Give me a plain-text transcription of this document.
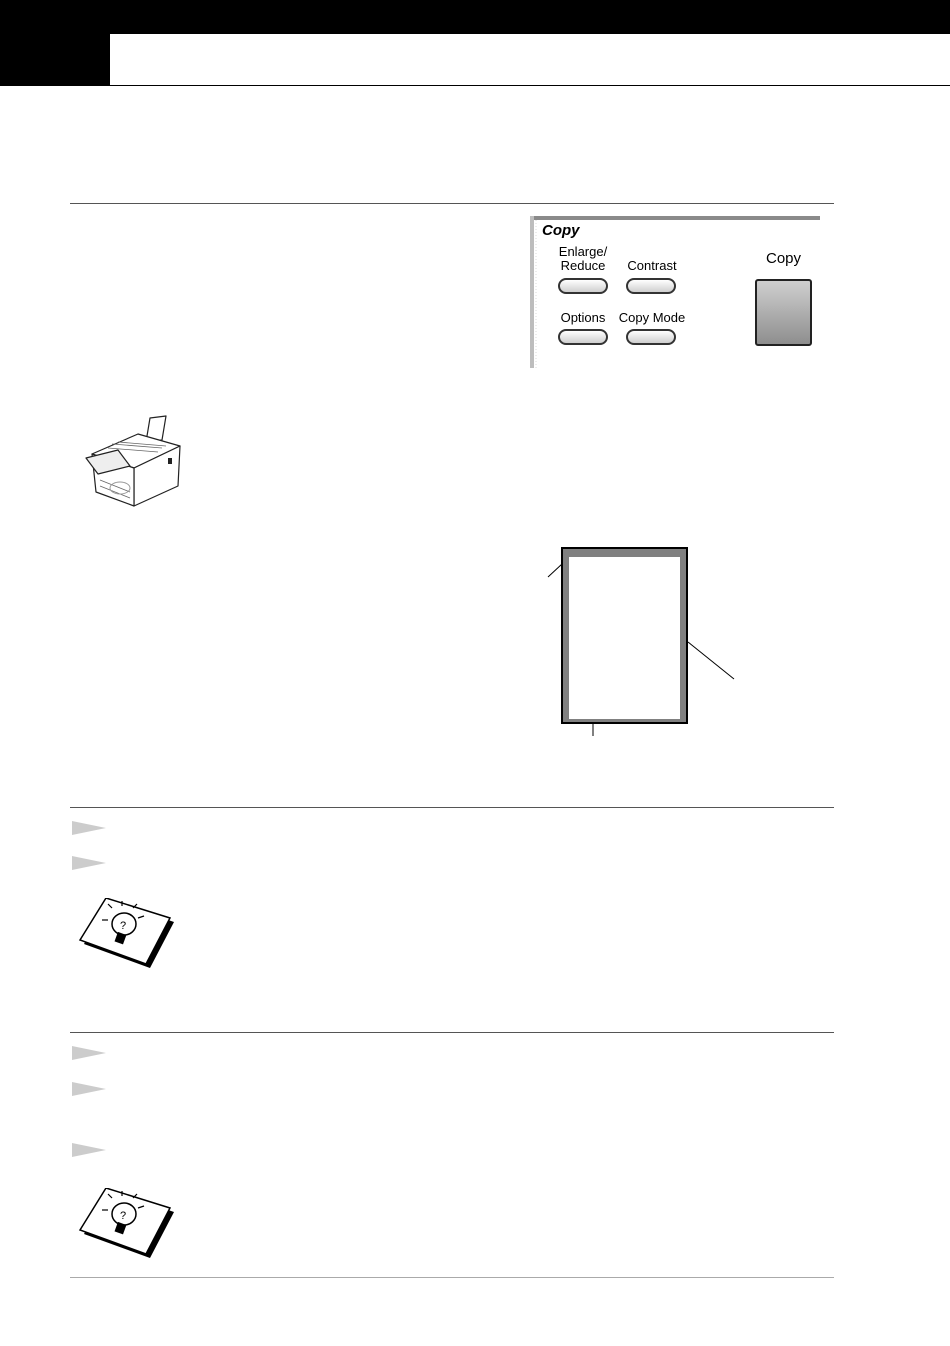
Copy
Enlarge/
Reduce	Contrast
Options	Copy Mode
Copy
?
?
